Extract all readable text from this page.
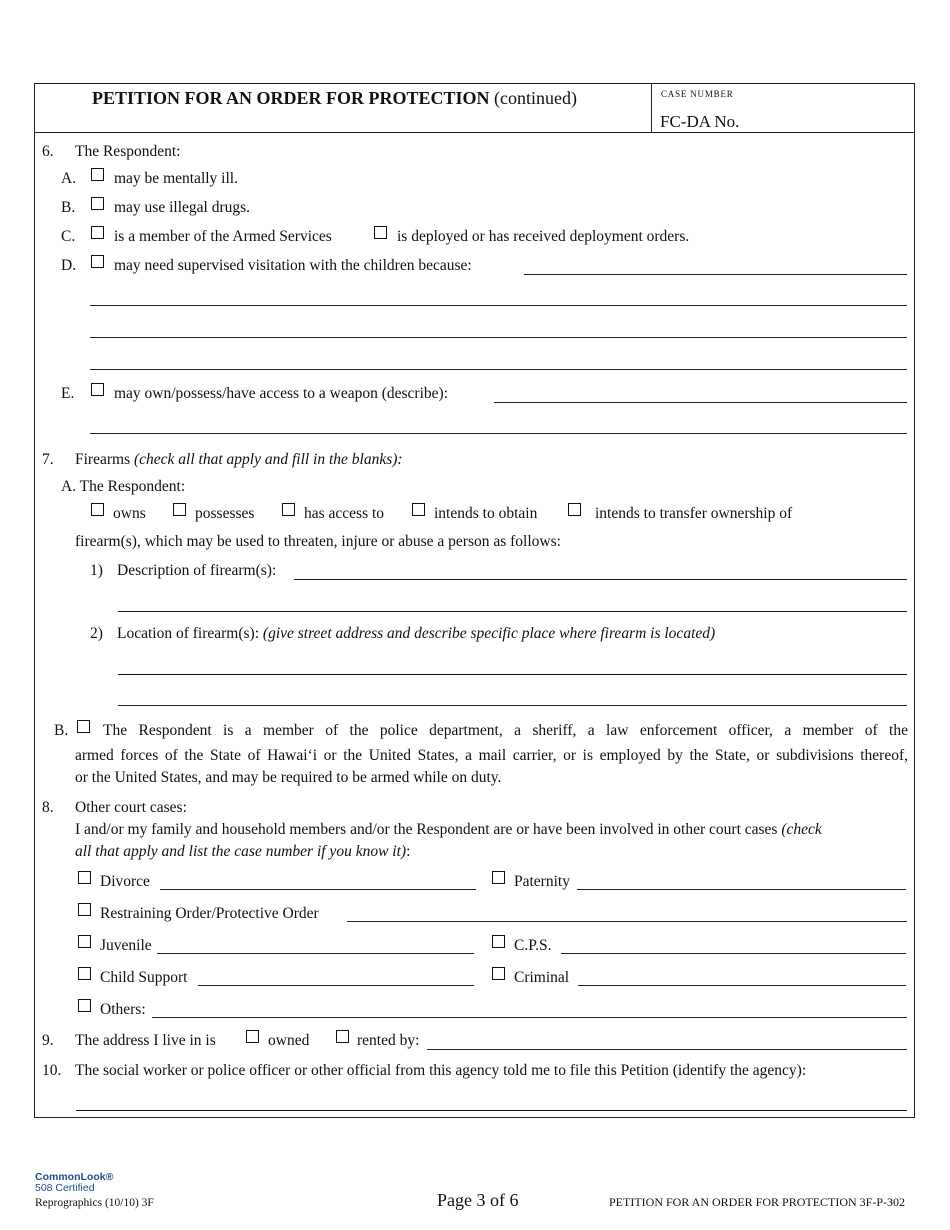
PETITION FOR AN ORDER FOR PROTECTION (continued)	CASE NUMBER
FC-DA No.
6. The Respondent:
A. may be mentally ill.
B.	may use illegal drugs.
C.	is a member of the Armed Services	is deployed or has received deployment orders.
D. may need supervised visitation with the children because:
E.	may own/possess/have access to a weapon (describe):
7. Firearms (check all that apply and fill in the blanks):
A. The Respondent:
owns	possesses	has access to	intends to obtain	intends to transfer ownership of
firearm(s), which may be used to threaten, injure or abuse a person as follows:
1) Description of firearm(s):
2) Location of firearm(s): (give street address and describe specific place where firearm is located)
B. The Respondent is a member of the police department, a sheriff, a law enforcement officer, a member of the
armed forces of the State of Hawai‘i or the United States, a mail carrier, or is employed by the State, or subdivisions thereof,
or the United States, and may be required to be armed while on duty.
8. Other court cases:
I and/or my family and household members and/or the Respondent are or have been involved in other court cases (check
all that apply and list the case number if you know it):
Divorce	Paternity
Restraining Order/Protective Order
Juvenile	C.P.S.
Child Support	Criminal
Others:
9. The address I live in is	owned	rented by:
10. The social worker or police officer or other official from this agency told me to file this Petition (identify the agency):
CommonLook®
508 Certified
Reprographics (10/10) 3F	Page 3 of 6	PETITION FOR AN ORDER FOR PROTECTION 3F-P-302
